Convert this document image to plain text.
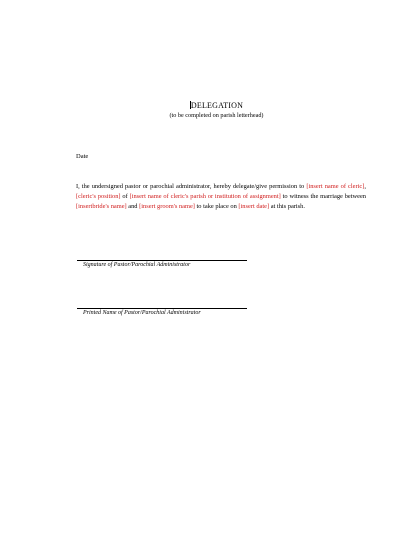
DELEGATION
(to be completed on parish letterhead)
Date
I, the undersigned pastor or parochial administrator, hereby delegate/give permission to [insert name of cleric], [cleric's position] of [insert name of cleric's parish or institution of assignment] to witness the marriage between [insertbride's name] and [insert groom's name] to take place on [insert date] at this parish.
Signature of Pastor/Parochial Administrator
Printed Name of Pastor/Parochial Administrator
